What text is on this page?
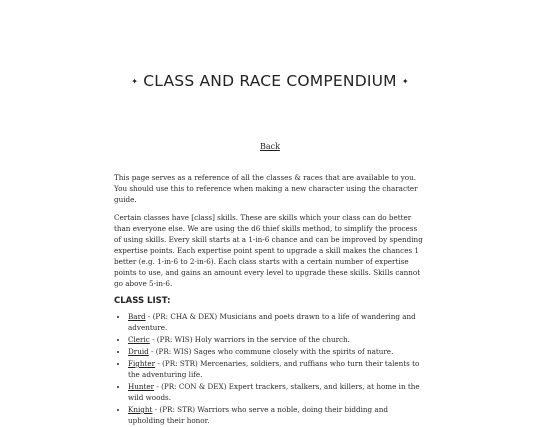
✦ CLASS AND RACE COMPENDIUM ✦
Back

This page serves as a reference of all the classes & races that are available to you. You should use this to reference when making a new character using the character guide.

Certain classes have [class] skills. These are skills which your class can do better than everyone else. We are using the d6 thief skills method, to simplify the process of using skills. Every skill starts at a 1-in-6 chance and can be improved by spending expertise points. Each expertise point spent to upgrade a skill makes the chances 1 better (e.g. 1-in-6 to 2-in-6). Each class starts with a certain number of expertise points to use, and gains an amount every level to upgrade these skills. Skills cannot go above 5-in-6.

CLASS LIST:
• Bard - (PR: CHA & DEX) Musicians and poets drawn to a life of wandering and adventure.
• Cleric - (PR: WIS) Holy warriors in the service of the church.
• Druid - (PR: WIS) Sages who commune closely with the spirits of nature.
• Fighter - (PR: STR) Mercenaries, soldiers, and ruffians who turn their talents to the adventuring life.
• Hunter - (PR: CON & DEX) Expert trackers, stalkers, and killers, at home in the wild woods.
• Knight - (PR: STR) Warriors who serve a noble, doing their bidding and upholding their honor.
